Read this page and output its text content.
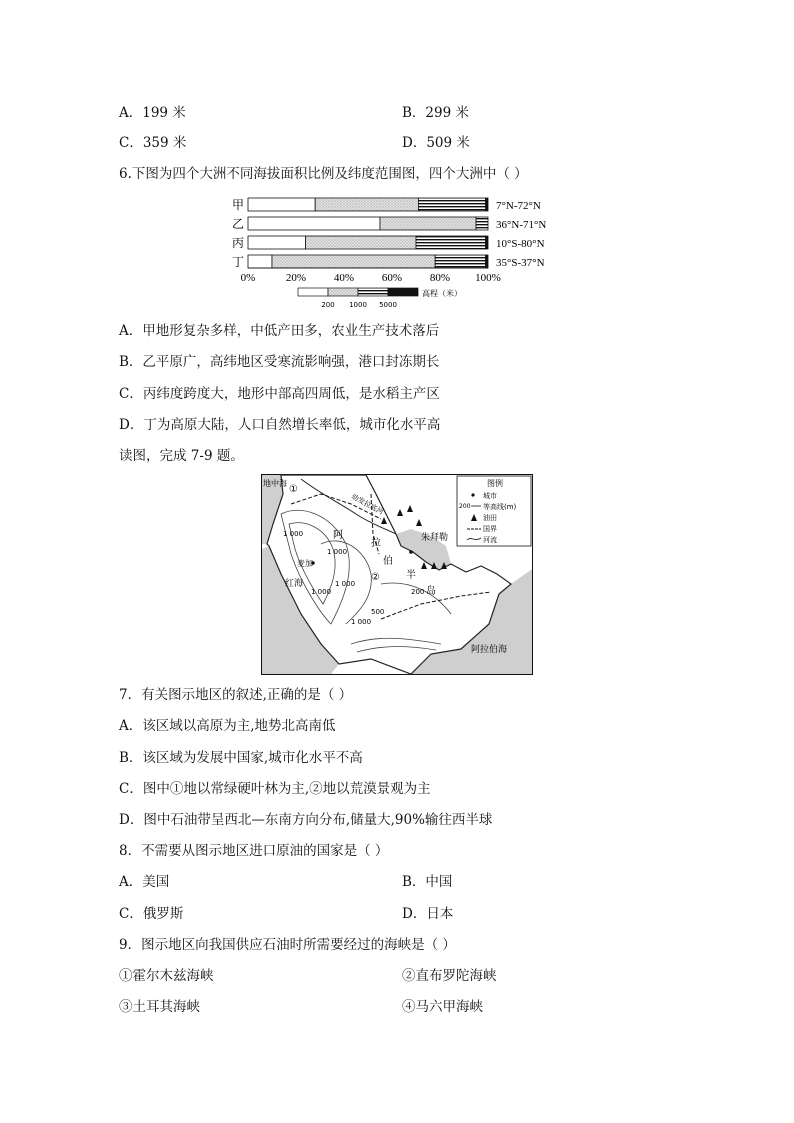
A．199 米	B．299 米
C．359 米	D．509 米
6.下图为四个大洲不同海拔面积比例及纬度范围图，四个大洲中（ ）
甲	7°N-72°N
乙	36°N-71°N
丙	10°S-80°N
丁	35°S-37°N
0%	20%	40%	60%	80% 100%
高程（米）
200 1000 5000
A．甲地形复杂多样，中低产田多，农业生产技术落后
B．乙平原广，高纬地区受寒流影响强，港口封冻期长
C．丙纬度跨度大，地形中部高四周低，是水稻主产区
D．丁为高原大陆，人口自然增长率低，城市化水平高
读图，完成 7-9 题。
地中海
红海
阿拉伯海
朱拜勒
麦加
阿
拉
伯
半
岛
幼发拉底河
①
②
1 000
1 000
1 000
500
200
1 000
1 000
图例
城市
200 等高线(m)
油田
国界
河流
7．有关图示地区的叙述,正确的是（ ）
A．该区域以高原为主,地势北高南低
B．该区域为发展中国家,城市化水平不高
C．图中①地以常绿硬叶林为主,②地以荒漠景观为主
D．图中石油带呈西北—东南方向分布,储量大,90%输往西半球
8．不需要从图示地区进口原油的国家是（ ）
A．美国	B．中国
C．俄罗斯	D．日本
9．图示地区向我国供应石油时所需要经过的海峡是（ ）
①霍尔木兹海峡	②直布罗陀海峡
③土耳其海峡	④马六甲海峡
